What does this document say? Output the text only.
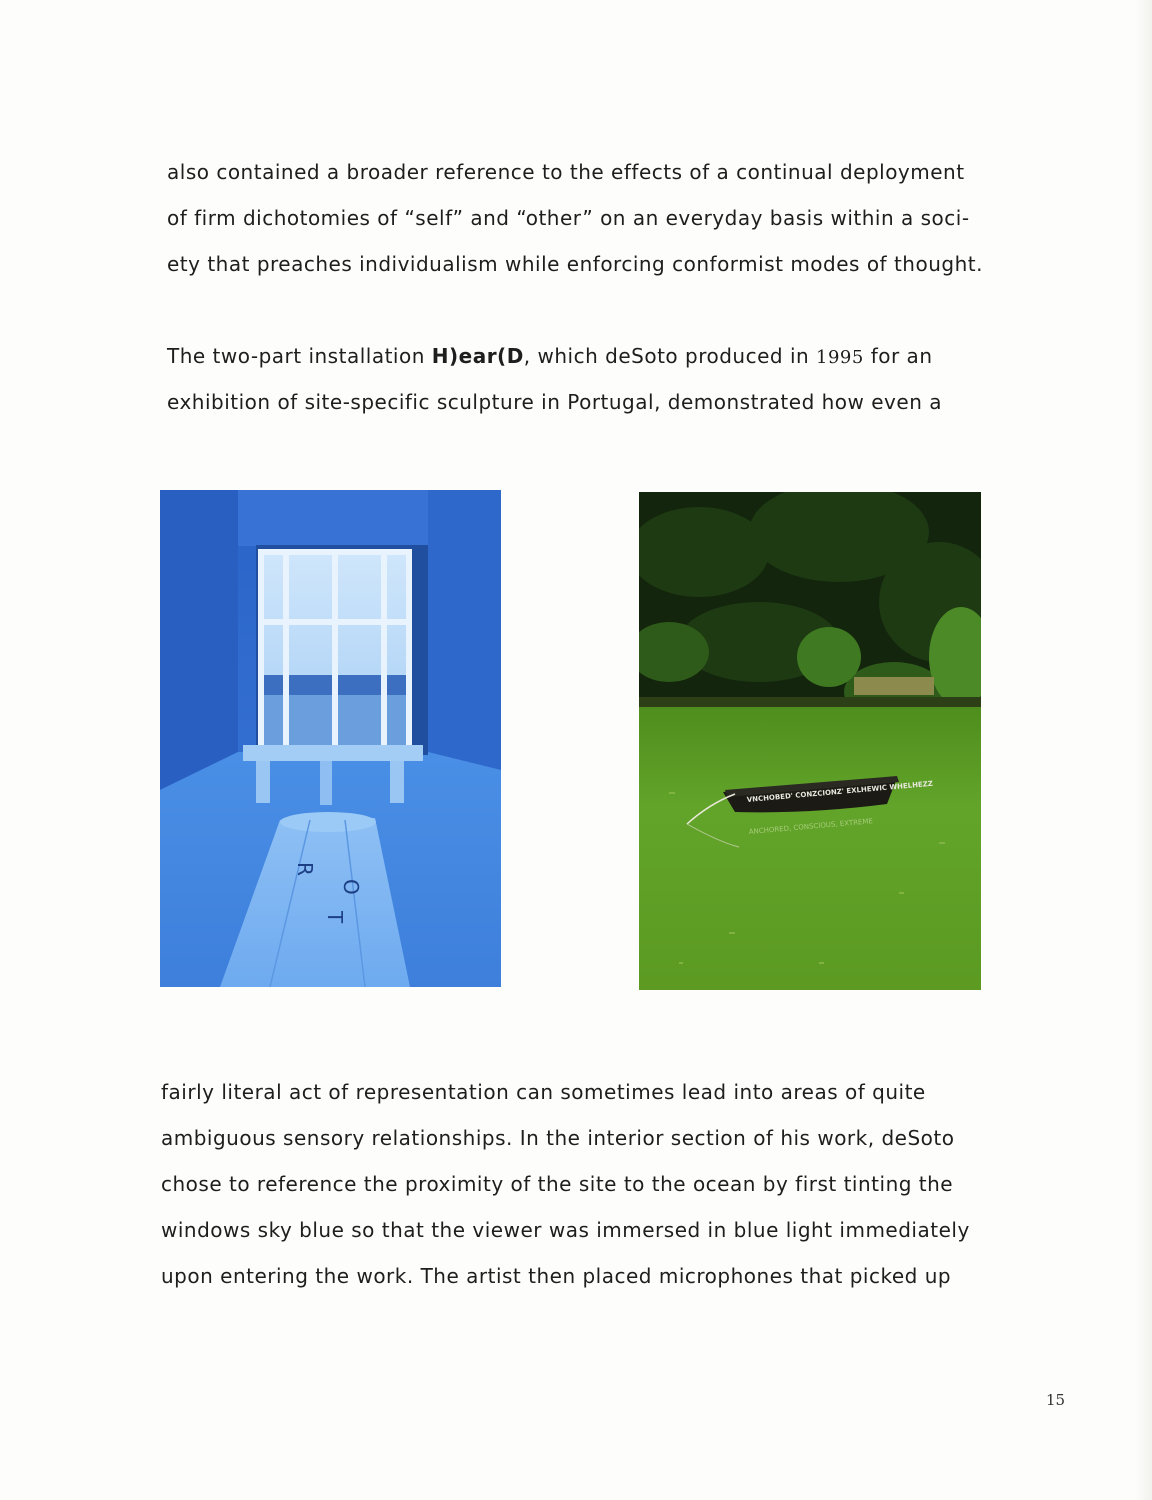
also contained a broader reference to the effects of a continual deployment
of firm dichotomies of “self” and “other” on an everyday basis within a soci-
ety that preaches individualism while enforcing conformist modes of thought.
The two-part installation H)ear(D, which deSoto produced in 1995 for an
exhibition of site-specific sculpture in Portugal, demonstrated how even a
R
O
T
VNCHOBED' CONZCIONZ' EXLHEWIC WHELHEZZ
ANCHORED, CONSCIOUS, EXTREME
fairly literal act of representation can sometimes lead into areas of quite
ambiguous sensory relationships. In the interior section of his work, deSoto
chose to reference the proximity of the site to the ocean by first tinting the
windows sky blue so that the viewer was immersed in blue light immediately
upon entering the work. The artist then placed microphones that picked up
15
